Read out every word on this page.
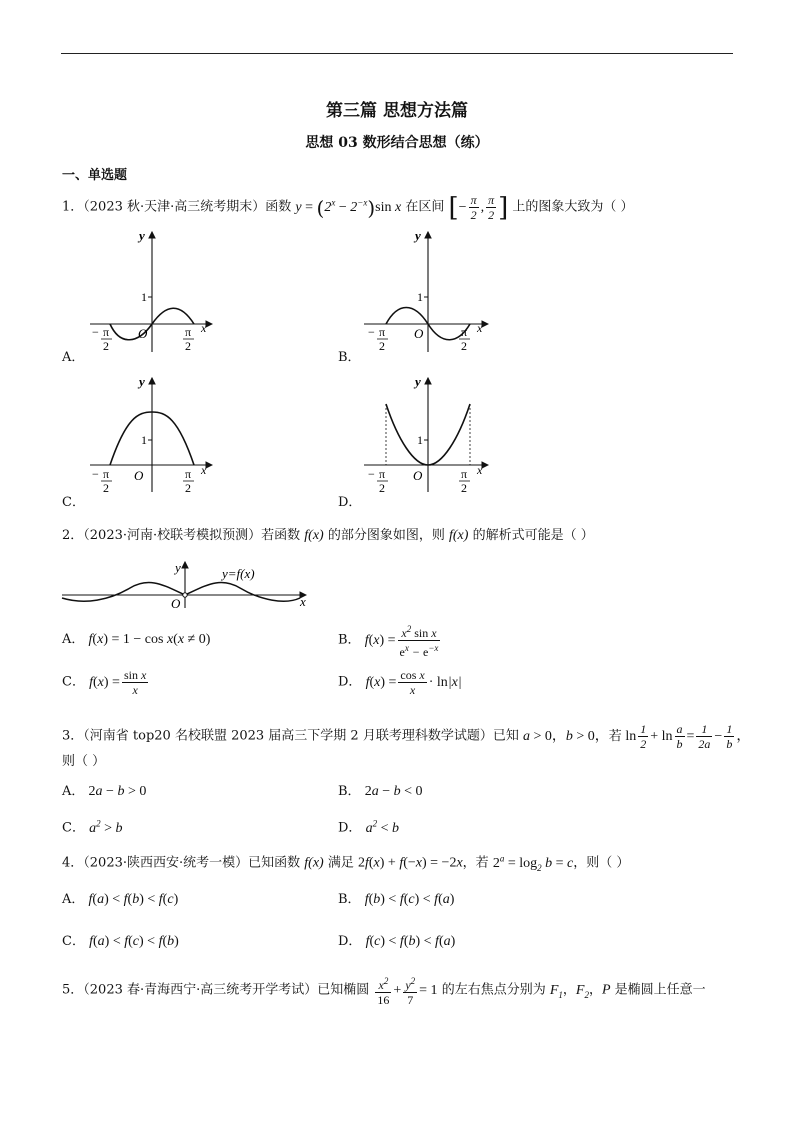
第三篇 思想方法篇
思想 03 数形结合思想（练）
一、单选题
1．（2023 秋·天津·高三统考期末）函数 $y = (2^x - 2^{-x})\sin$ x 在区间 [− $\frac{\pi}{2}$ , $\frac{\pi}{2}$ ] 上的图象大致为（ ）
y
1
x
O
− π
2
π
2
y
1
x
O
− π
2
π
2
y
1
x
O
− π
2
π
2
y
1
x
O
− π
2
π
2
y
O	x
y=f(x)
A．	B．
C．	D．
2．（2023·河南·校联考模拟预测）若函数 f(x) 的部分图象如图，则 f(x) 的解析式可能是（ ）
A． f(x) = 1 − cos x(x ≠ 0)	B． $f(x) = \frac{x^2 \sin x}{e^x - e^{-x}}$
C． $f(x) = \frac{\text{sin x}}{x}$	D． $f(x) = \frac{\text{cos x}}{x} \cdot \ln|x|$
3．（河南省 top20 名校联盟 2023 届高三下学期 2 月联考理科数学试题）已知 a > 0，b > 0，若 $\ln \frac{1}{2} + \ln \frac{a}{b} = \frac{1}{2a} - \frac{1}{b}$ ，
则（ ）
A． 2a − b > 0	B． 2a − b < 0
C． $a^2 > b$	D． $a^2 < b$
4．（2023·陕西西安·统考一模）已知函数 f(x) 满足 2f(x) + f(−x) = −2x，若 $2^a = \log_2 b = c$，则（ ）
A． f(a) < f(b) < f(c)	B． f(b) < f(c) < f(a)
C． f(a) < f(c) < f(b)	D． f(c) < f(b) < f(a)
5．（2023 春·青海西宁·高三统考开学考试）已知椭圆 $\frac{x^2}{16} + \frac{y^2}{7} = 1$ 的左右焦点分别为 $F_1$，$F_2$，P 是椭圆上任意一
